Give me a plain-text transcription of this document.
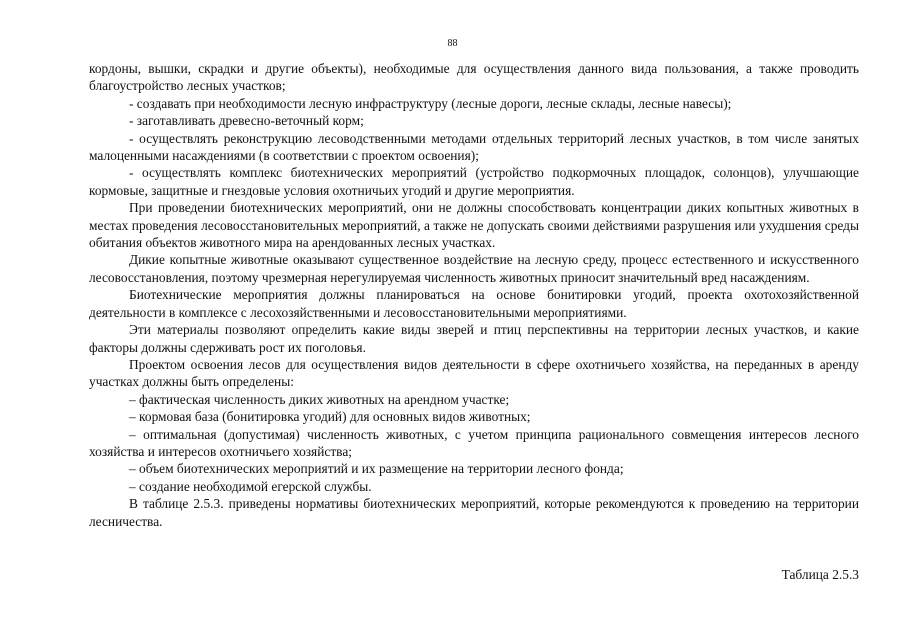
88

кордоны, вышки, скрадки и другие объекты), необходимые для осуществления данного вида пользования, а также проводить благоустройство лесных участков;

- создавать при необходимости лесную инфраструктуру (лесные дороги, лесные склады, лесные навесы);

- заготавливать древесно-веточный корм;

- осуществлять реконструкцию лесоводственными методами отдельных территорий лесных участков, в том числе занятых малоценными насаждениями (в соответствии с проектом освоения);

- осуществлять комплекс биотехнических мероприятий (устройство подкормочных площадок, солонцов), улучшающие кормовые, защитные и гнездовые условия охотничьих угодий и другие мероприятия.

При проведении биотехнических мероприятий, они не должны способствовать концентрации диких копытных животных в местах проведения лесовосстановительных мероприятий, а также не допускать своими действиями разрушения или ухудшения среды обитания объектов животного мира на арендованных лесных участках.

Дикие копытные животные оказывают существенное воздействие на лесную среду, процесс естественного и искусственного лесовосстановления, поэтому чрезмерная нерегулируемая численность животных приносит значительный вред насаждениям.

Биотехнические мероприятия должны планироваться на основе бонитировки угодий, проекта охотохозяйственной деятельности в комплексе с лесохозяйственными и лесовосстановительными мероприятиями.

Эти материалы позволяют определить какие виды зверей и птиц перспективны на территории лесных участков, и какие факторы должны сдерживать рост их поголовья.

Проектом освоения лесов для осуществления видов деятельности в сфере охотничьего хозяйства, на переданных в аренду участках должны быть определены:

– фактическая численность диких животных на арендном участке;

– кормовая база (бонитировка угодий) для основных видов животных;

– оптимальная (допустимая) численность животных, с учетом принципа рационального совмещения интересов лесного хозяйства и интересов охотничьего хозяйства;

– объем биотехнических мероприятий и их размещение на территории лесного фонда;

– создание необходимой егерской службы.

В таблице 2.5.3. приведены нормативы биотехнических мероприятий, которые рекомендуются к проведению на территории лесничества.

Таблица 2.5.3
